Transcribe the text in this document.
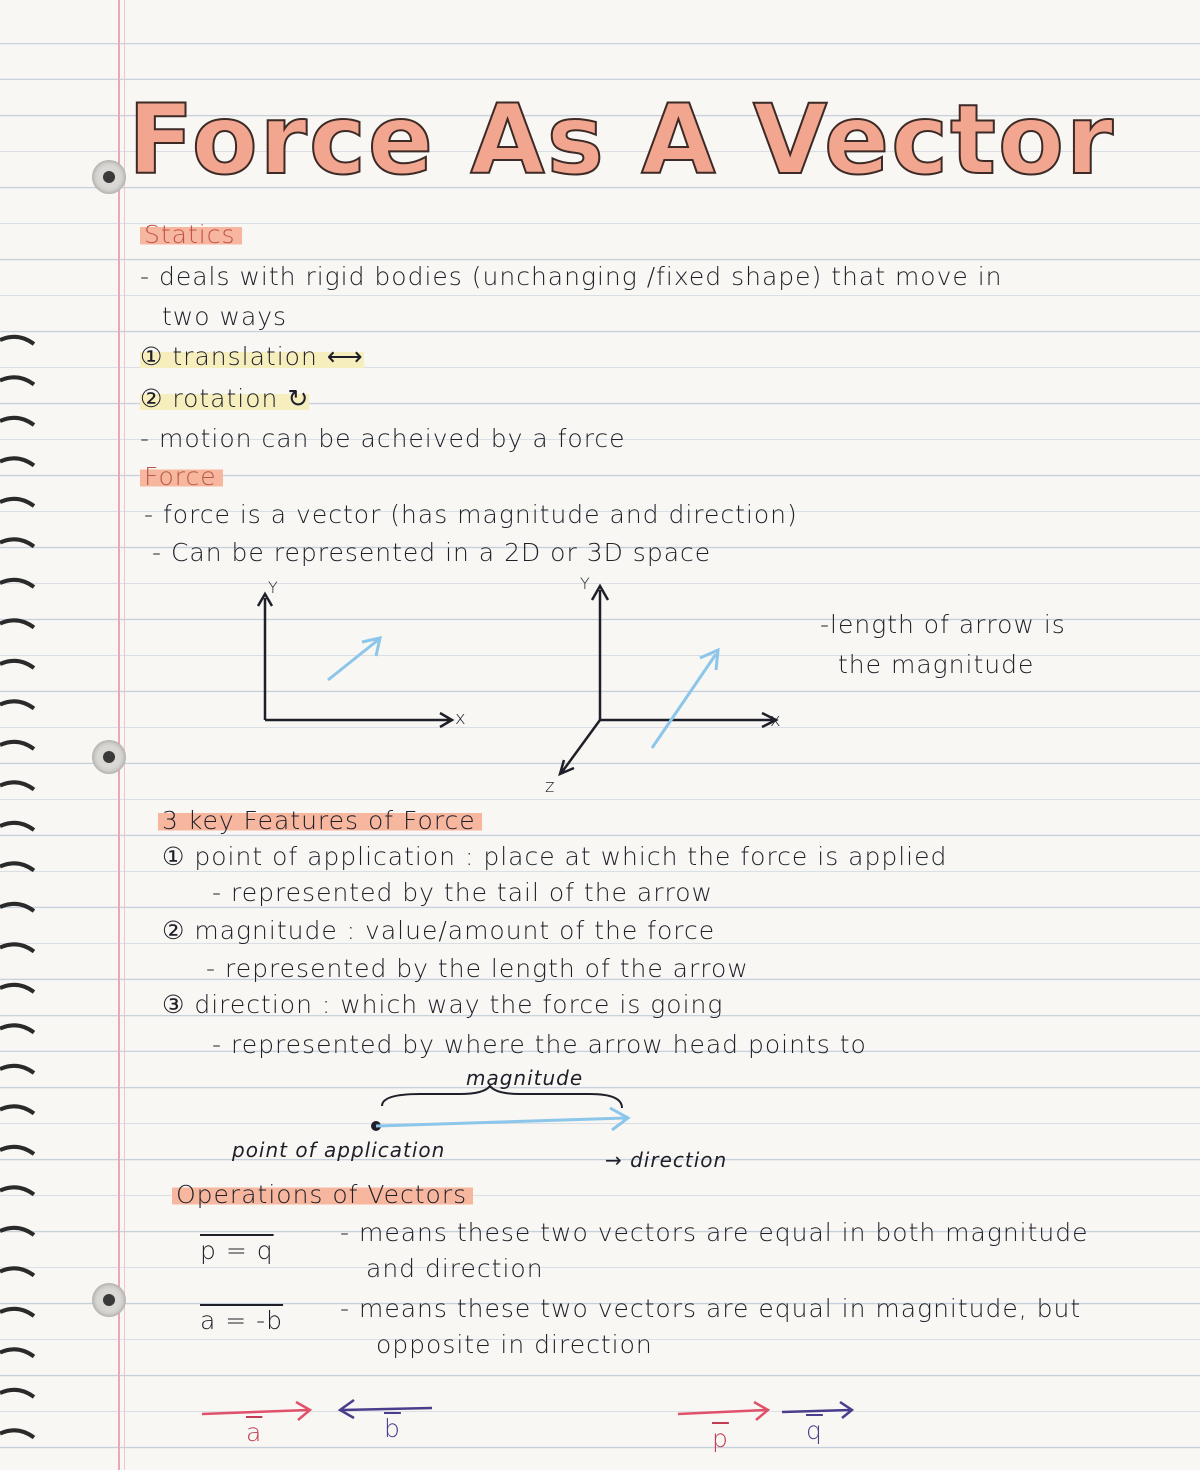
Force As A Vector
Statics
- deals with rigid bodies (unchanging /fixed shape) that move in
two ways
① translation ⟷
② rotation ↻
- motion can be acheived by a force
Force
- force is a vector (has magnitude and direction)
- Can be represented in a 2D or 3D space
-length of arrow is
the magnitude
Y
x
Y
x
z
3 key Features of Force
① point of application : place at which the force is applied
- represented by the tail of the arrow
② magnitude : value/amount of the force
- represented by the length of the arrow
③ direction : which way the force is going
- represented by where the arrow head points to
magnitude
point of application	→ direction
Operations of Vectors
p = q
- means these two vectors are equal in both magnitude
and direction
a = -b - means these two vectors are equal in magnitude, but
opposite in direction
$\overline{a}$	$\overline{b}$	$\overline{p}$	$\overline{q}$
